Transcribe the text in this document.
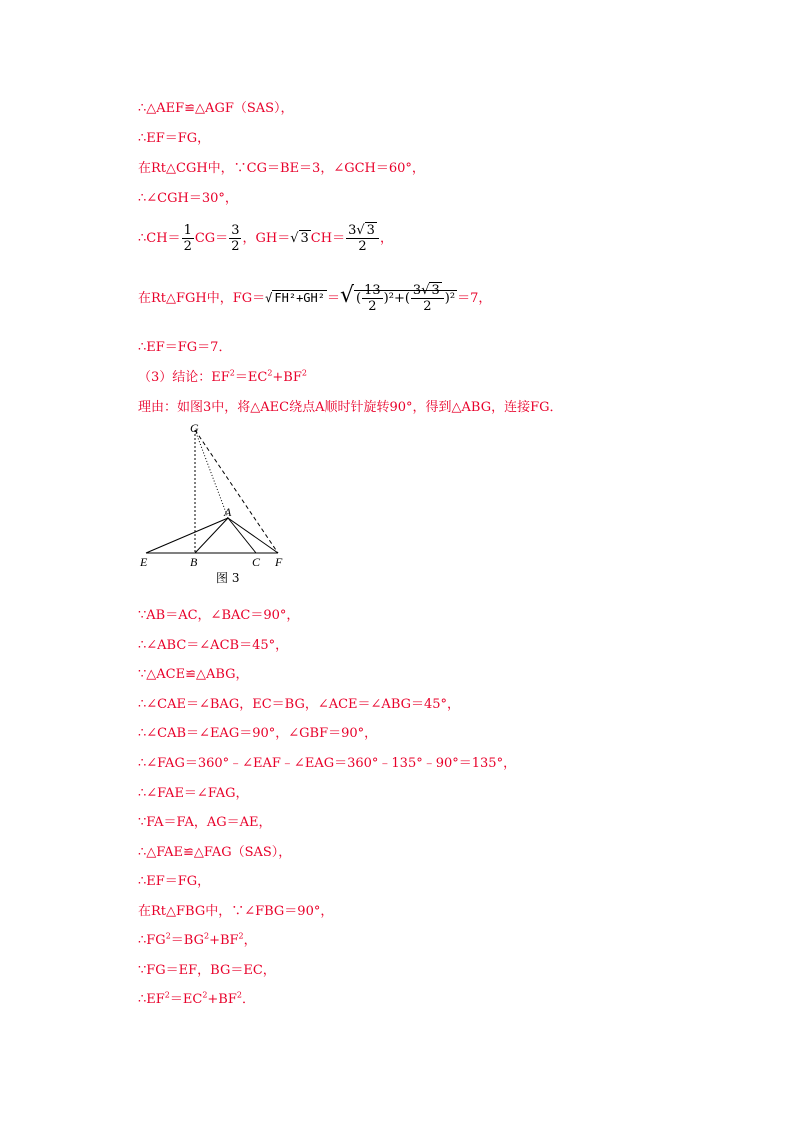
∴△AEF≌△AGF（SAS），
∴EF＝FG，
在Rt△CGH中，∵CG＝BE＝3，∠GCH＝60°，
∴∠CGH＝30°，
∴CH＝ $\frac{1}{2} CG= \frac{3}{2}$ ，GH＝√ 3 $CH= \frac{3√ 3}{2}$ ，
在Rt△FGH中，FG＝√ FH²+GH² ＝√ ( $\frac{13}{2} )^2+( \frac{3√ 3}{2} )^2 =7$，
∴EF＝FG＝7．
（3）结论：$EF^2=EC^2+BF^2$
理由：如图3中，将△AEC绕点A顺时针旋转90°，得到△ABG，连接FG．
G
A
E	B	C F
图 3
∵AB＝AC，∠BAC＝90°，
∴∠ABC＝∠ACB＝45°，
∵△ACE≌△ABG，
∴∠CAE＝∠BAG，EC＝BG，∠ACE＝∠ABG＝45°，
∴∠CAB＝∠EAG＝90°，∠GBF＝90°，
∴∠FAG＝360°﹣∠EAF﹣∠EAG＝360°﹣135°﹣90°＝135°，
∴∠FAE＝∠FAG，
∵FA＝FA，AG＝AE，
∴△FAE≌△FAG（SAS），
∴EF＝FG，
在Rt△FBG中，∵∠FBG＝90°，
$\therefore FG^2=BG^2+BF^2$，
∵FG＝EF，BG＝EC，
$\therefore EF^2=EC^2+BF^2$．
